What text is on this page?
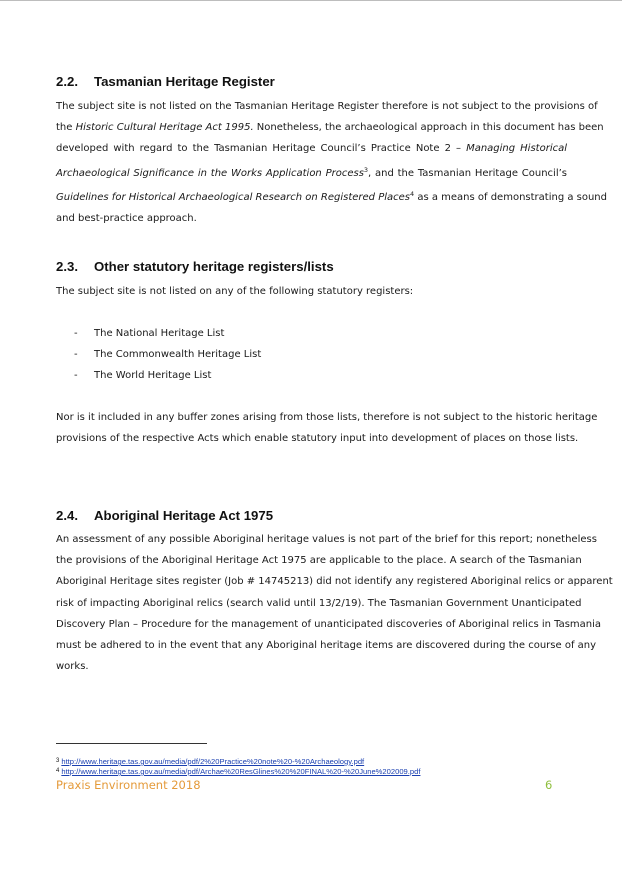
2.2. Tasmanian Heritage Register
The subject site is not listed on the Tasmanian Heritage Register therefore is not subject to the provisions of
the Historic Cultural Heritage Act 1995. Nonetheless, the archaeological approach in this document has been
developed with regard to the Tasmanian Heritage Council’s Practice Note 2 – Managing Historical
Archaeological Significance in the Works Application Process$^3$, and the Tasmanian Heritage Council’s
Guidelines for Historical Archaeological Research on Registered Places$^4$ as a means of demonstrating a sound
and best-practice approach.
2.3. Other statutory heritage registers/lists
The subject site is not listed on any of the following statutory registers:
- The National Heritage List
- The Commonwealth Heritage List
- The World Heritage List
Nor is it included in any buffer zones arising from those lists, therefore is not subject to the historic heritage
provisions of the respective Acts which enable statutory input into development of places on those lists.
2.4. Aboriginal Heritage Act 1975
An assessment of any possible Aboriginal heritage values is not part of the brief for this report; nonetheless
the provisions of the Aboriginal Heritage Act 1975 are applicable to the place. A search of the Tasmanian
Aboriginal Heritage sites register (Job # 14745213) did not identify any registered Aboriginal relics or apparent
risk of impacting Aboriginal relics (search valid until 13/2/19). The Tasmanian Government Unanticipated
Discovery Plan – Procedure for the management of unanticipated discoveries of Aboriginal relics in Tasmania
must be adhered to in the event that any Aboriginal heritage items are discovered during the course of any
works.
$^3$ http://www.heritage.tas.gov.au/media/pdf/2%20Practice%20note%20-%20Archaeology.pdf
$^4$ http://www.heritage.tas.gov.au/media/pdf/Archae%20ResGlines%20%20FINAL%20-%20June%202009.pdf
Praxis Environment 2018	6
